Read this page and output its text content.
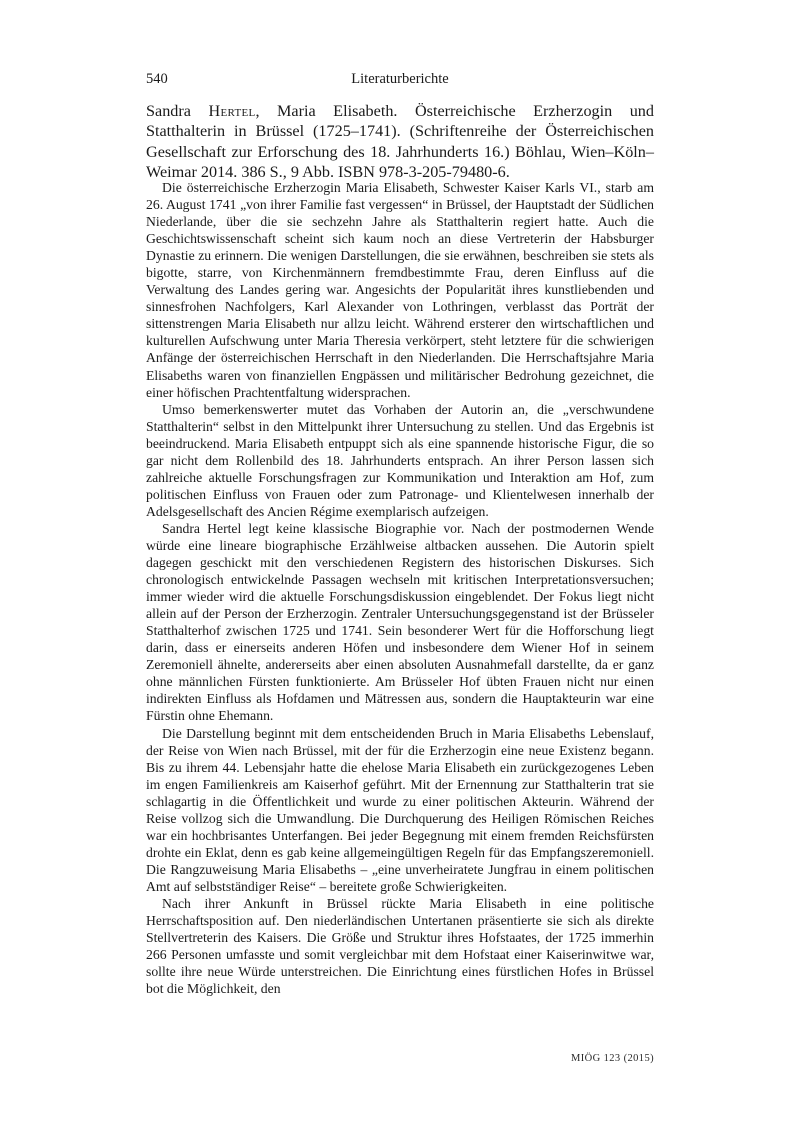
540	Literaturberichte
Sandra Hertel, Maria Elisabeth. Österreichische Erzherzogin und Statthalterin in Brüssel (1725–1741). (Schriftenreihe der Österreichischen Gesellschaft zur Erforschung des 18. Jahrhunderts 16.) Böhlau, Wien–Köln–Weimar 2014. 386 S., 9 Abb. ISBN 978-3-205-79480-6.

Die österreichische Erzherzogin Maria Elisabeth, Schwester Kaiser Karls VI., starb am 26. August 1741 „von ihrer Familie fast vergessen“ in Brüssel, der Hauptstadt der Südlichen Niederlande, über die sie sechzehn Jahre als Statthalterin regiert hatte. Auch die Geschichtswissenschaft scheint sich kaum noch an diese Vertreterin der Habsburger Dynastie zu erinnern. Die wenigen Darstellungen, die sie erwähnen, beschreiben sie stets als bigotte, starre, von Kirchenmännern fremdbestimmte Frau, deren Einfluss auf die Verwaltung des Landes gering war. Angesichts der Popularität ihres kunstliebenden und sinnesfrohen Nachfolgers, Karl Alexander von Lothringen, verblasst das Porträt der sittenstrengen Maria Elisabeth nur allzu leicht. Während ersterer den wirtschaftlichen und kulturellen Aufschwung unter Maria Theresia verkörpert, steht letztere für die schwierigen Anfänge der österreichischen Herrschaft in den Niederlanden. Die Herrschaftsjahre Maria Elisabeths waren von finanziellen Engpässen und militärischer Bedrohung gezeichnet, die einer höfischen Prachtentfaltung widersprachen.

Umso bemerkenswerter mutet das Vorhaben der Autorin an, die „verschwundene Statthalterin“ selbst in den Mittelpunkt ihrer Untersuchung zu stellen. Und das Ergebnis ist beeindruckend. Maria Elisabeth entpuppt sich als eine spannende historische Figur, die so gar nicht dem Rollenbild des 18. Jahrhunderts entsprach. An ihrer Person lassen sich zahlreiche aktuelle Forschungsfragen zur Kommunikation und Interaktion am Hof, zum politischen Einfluss von Frauen oder zum Patronage- und Klientelwesen innerhalb der Adelsgesellschaft des Ancien Régime exemplarisch aufzeigen.

Sandra Hertel legt keine klassische Biographie vor. Nach der postmodernen Wende würde eine lineare biographische Erzählweise altbacken aussehen. Die Autorin spielt dagegen geschickt mit den verschiedenen Registern des historischen Diskurses. Sich chronologisch entwickelnde Passagen wechseln mit kritischen Interpretationsversuchen; immer wieder wird die aktuelle Forschungsdiskussion eingeblendet. Der Fokus liegt nicht allein auf der Person der Erzherzogin. Zentraler Untersuchungsgegenstand ist der Brüsseler Statthalterhof zwischen 1725 und 1741. Sein besonderer Wert für die Hofforschung liegt darin, dass er einerseits anderen Höfen und insbesondere dem Wiener Hof in seinem Zeremoniell ähnelte, andererseits aber einen absoluten Ausnahmefall darstellte, da er ganz ohne männlichen Fürsten funktionierte. Am Brüsseler Hof übten Frauen nicht nur einen indirekten Einfluss als Hofdamen und Mätressen aus, sondern die Hauptakteurin war eine Fürstin ohne Ehemann.

Die Darstellung beginnt mit dem entscheidenden Bruch in Maria Elisabeths Lebenslauf, der Reise von Wien nach Brüssel, mit der für die Erzherzogin eine neue Existenz begann. Bis zu ihrem 44. Lebensjahr hatte die ehelose Maria Elisabeth ein zurückgezogenes Leben im engen Familienkreis am Kaiserhof geführt. Mit der Ernennung zur Statthalterin trat sie schlagartig in die Öffentlichkeit und wurde zu einer politischen Akteurin. Während der Reise vollzog sich die Umwandlung. Die Durchquerung des Heiligen Römischen Reiches war ein hochbrisantes Unterfangen. Bei jeder Begegnung mit einem fremden Reichsfürsten drohte ein Eklat, denn es gab keine allgemeingültigen Regeln für das Empfangszeremoniell. Die Rangzuweisung Maria Elisabeths – „eine unverheiratete Jungfrau in einem politischen Amt auf selbstständiger Reise“ – bereitete große Schwierigkeiten.

Nach ihrer Ankunft in Brüssel rückte Maria Elisabeth in eine politische Herrschaftsposition auf. Den niederländischen Untertanen präsentierte sie sich als direkte Stellvertreterin des Kaisers. Die Größe und Struktur ihres Hofstaates, der 1725 immerhin 266 Personen umfasste und somit vergleichbar mit dem Hofstaat einer Kaiserinwitwe war, sollte ihre neue Würde unterstreichen. Die Einrichtung eines fürstlichen Hofes in Brüssel bot die Möglichkeit, den

MIÖG 123 (2015)
